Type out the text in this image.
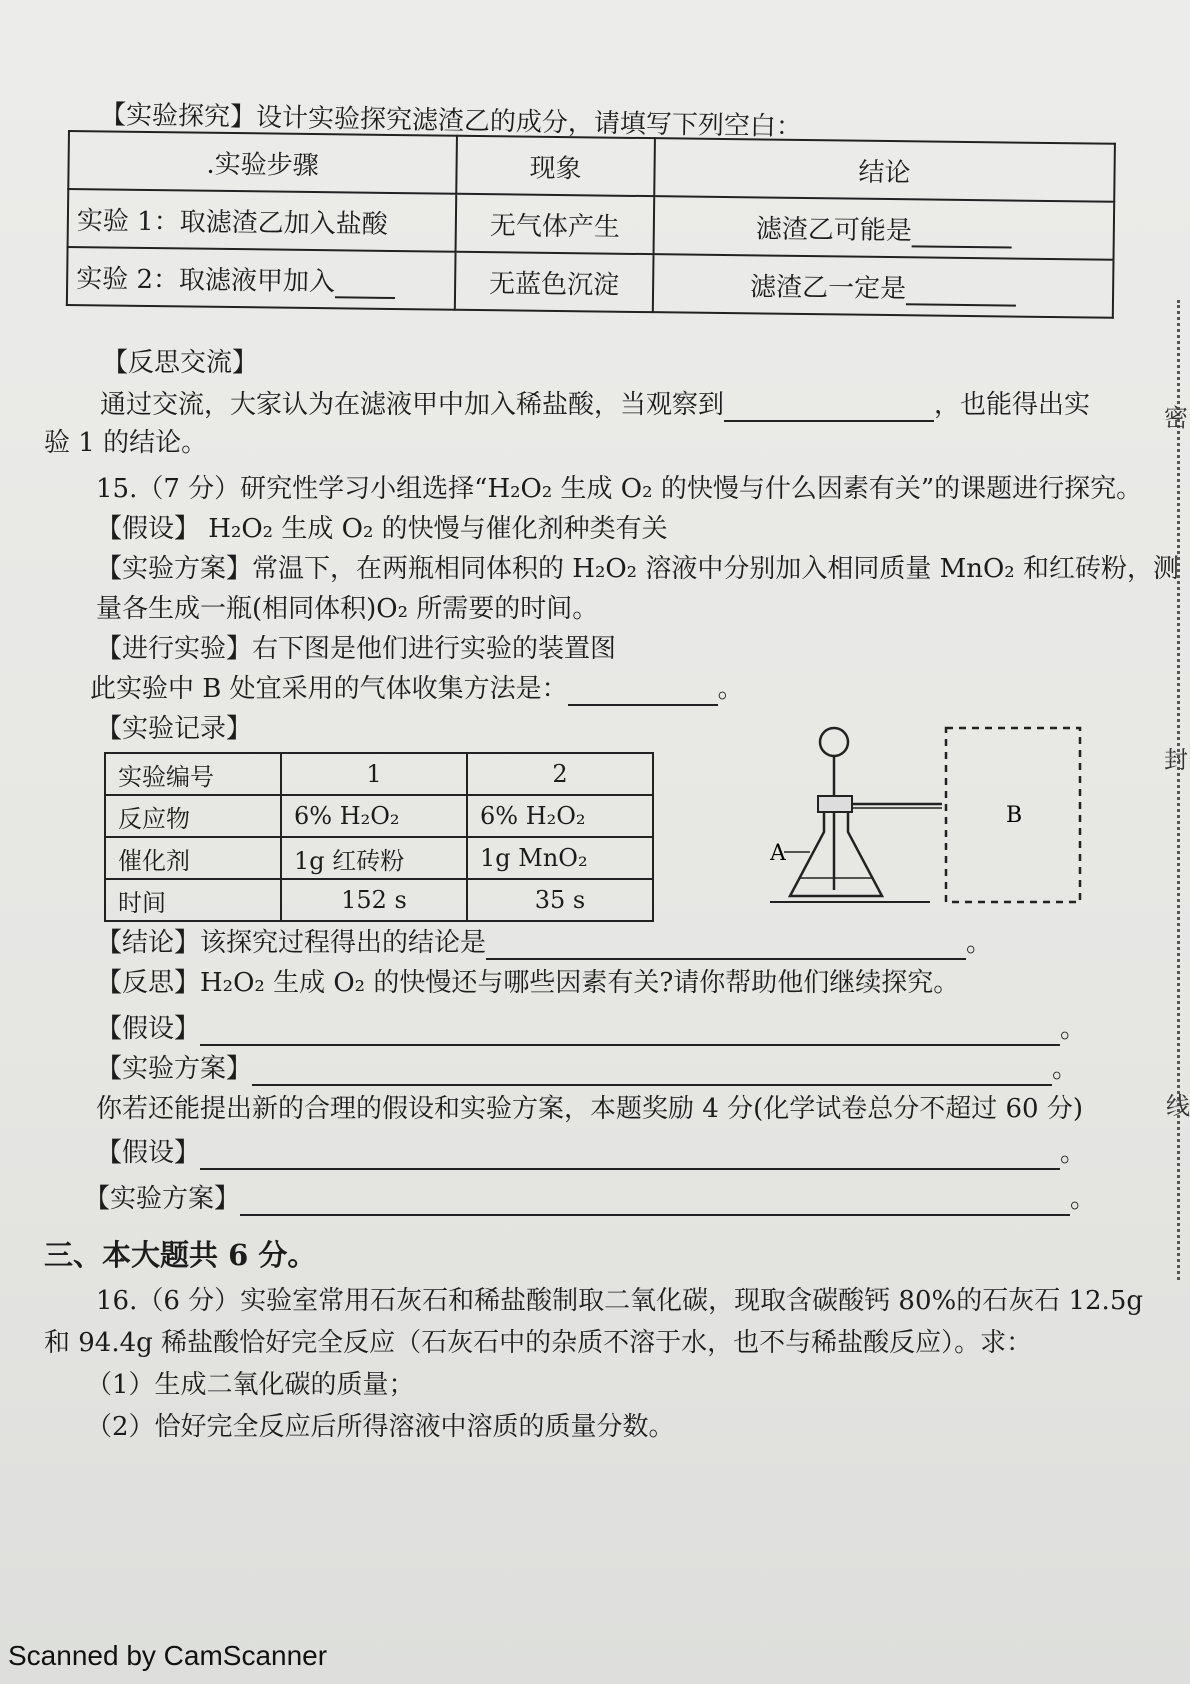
【实验探究】设计实验探究滤渣乙的成分，请填写下列空白：
.实验步骤	现象	结论
实验 1：取滤渣乙加入盐酸	无气体产生	滤渣乙可能是
实验 2：取滤液甲加入	无蓝色沉淀	滤渣乙一定是
【反思交流】
通过交流，大家认为在滤液甲中加入稀盐酸，当观察到	，也能得出实
验 1 的结论。
15.（7 分）研究性学习小组选择“H₂O₂ 生成 O₂ 的快慢与什么因素有关”的课题进行探究。
【假设】 H₂O₂ 生成 O₂ 的快慢与催化剂种类有关
【实验方案】常温下，在两瓶相同体积的 H₂O₂ 溶液中分别加入相同质量 MnO₂ 和红砖粉，测
量各生成一瓶(相同体积)O₂ 所需要的时间。
【进行实验】右下图是他们进行实验的装置图
此实验中 B 处宜采用的气体收集方法是：	。
【实验记录】
实验编号	1	2
反应物	6% H₂O₂	6% H₂O₂
催化剂	1g 红砖粉	1g MnO₂
时间	152 s	35 s
A
B
【结论】该探究过程得出的结论是	。
【反思】H₂O₂ 生成 O₂ 的快慢还与哪些因素有关?请你帮助他们继续探究。
【假设】	。
【实验方案】	。
你若还能提出新的合理的假设和实验方案，本题奖励 4 分(化学试卷总分不超过 60 分)
【假设】	。
【实验方案】	。
三、本大题共 6 分。
16.（6 分）实验室常用石灰石和稀盐酸制取二氧化碳，现取含碳酸钙 80%的石灰石 12.5g
和 94.4g 稀盐酸恰好完全反应（石灰石中的杂质不溶于水，也不与稀盐酸反应）。求：
（1）生成二氧化碳的质量；
（2）恰好完全反应后所得溶液中溶质的质量分数。
密
封
线
Scanned by CamScanner
